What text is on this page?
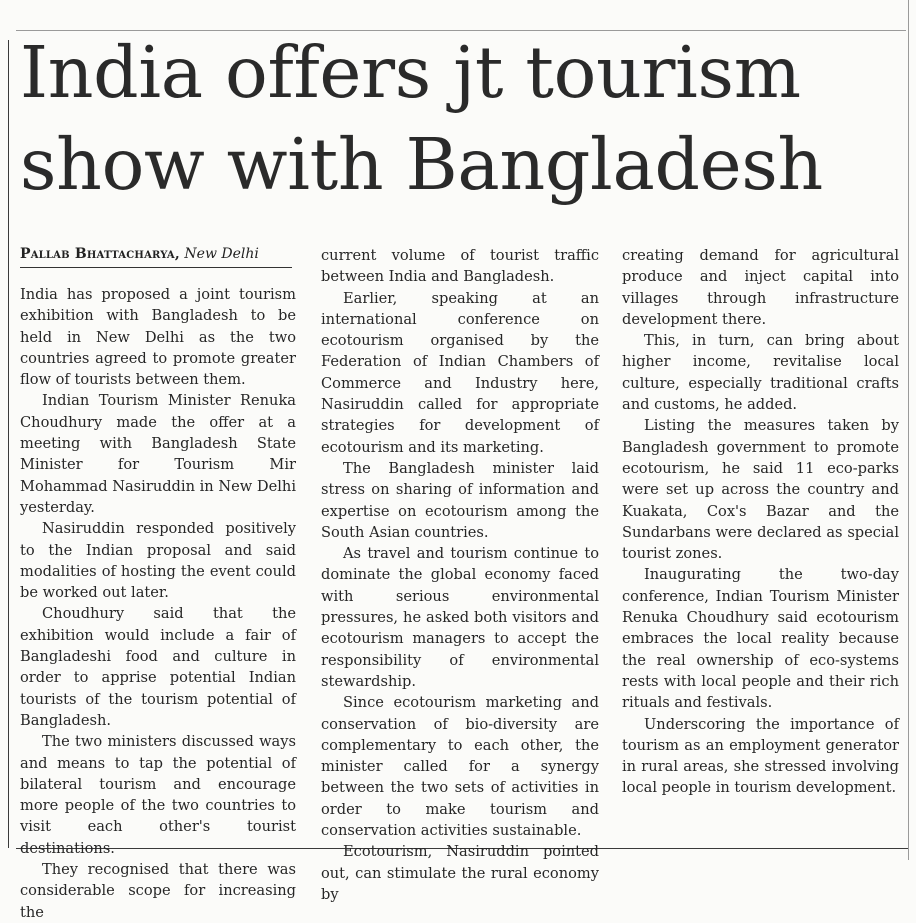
India offers jt tourism
show with Bangladesh
Pallab Bhattacharya, New Delhi

India has proposed a joint tourism exhibition with Bangladesh to be held in New Delhi as the two countries agreed to promote greater flow of tourists between them.

Indian Tourism Minister Renuka Choudhury made the offer at a meeting with Bangladesh State Minister for Tourism Mir Mohammad Nasiruddin in New Delhi yesterday.

Nasiruddin responded positively to the Indian proposal and said modalities of hosting the event could be worked out later.

Choudhury said that the exhibition would include a fair of Bangladeshi food and culture in order to apprise potential Indian tourists of the tourism potential of Bangladesh.

The two ministers discussed ways and means to tap the potential of bilateral tourism and encourage more people of the two countries to visit each other's tourist destinations.

They recognised that there was considerable scope for increasing the

current volume of tourist traffic between India and Bangladesh.

Earlier, speaking at an international conference on ecotourism organised by the Federation of Indian Chambers of Commerce and Industry here, Nasiruddin called for appropriate strategies for development of ecotourism and its marketing.

The Bangladesh minister laid stress on sharing of information and expertise on ecotourism among the South Asian countries.

As travel and tourism continue to dominate the global economy faced with serious environmental pressures, he asked both visitors and ecotourism managers to accept the responsibility of environmental stewardship.

Since ecotourism marketing and conservation of bio-diversity are complementary to each other, the minister called for a synergy between the two sets of activities in order to make tourism and conservation activities sustainable.

Ecotourism, Nasiruddin pointed out, can stimulate the rural economy by

creating demand for agricultural produce and inject capital into villages through infrastructure development there.

This, in turn, can bring about higher income, revitalise local culture, especially traditional crafts and customs, he added.

Listing the measures taken by Bangladesh government to promote ecotourism, he said 11 eco-parks were set up across the country and Kuakata, Cox's Bazar and the Sundarbans were declared as special tourist zones.

Inaugurating the two-day conference, Indian Tourism Minister Renuka Choudhury said ecotourism embraces the local reality because the real ownership of eco-systems rests with local people and their rich rituals and festivals.

Underscoring the importance of tourism as an employment generator in rural areas, she stressed involving local people in tourism development.
